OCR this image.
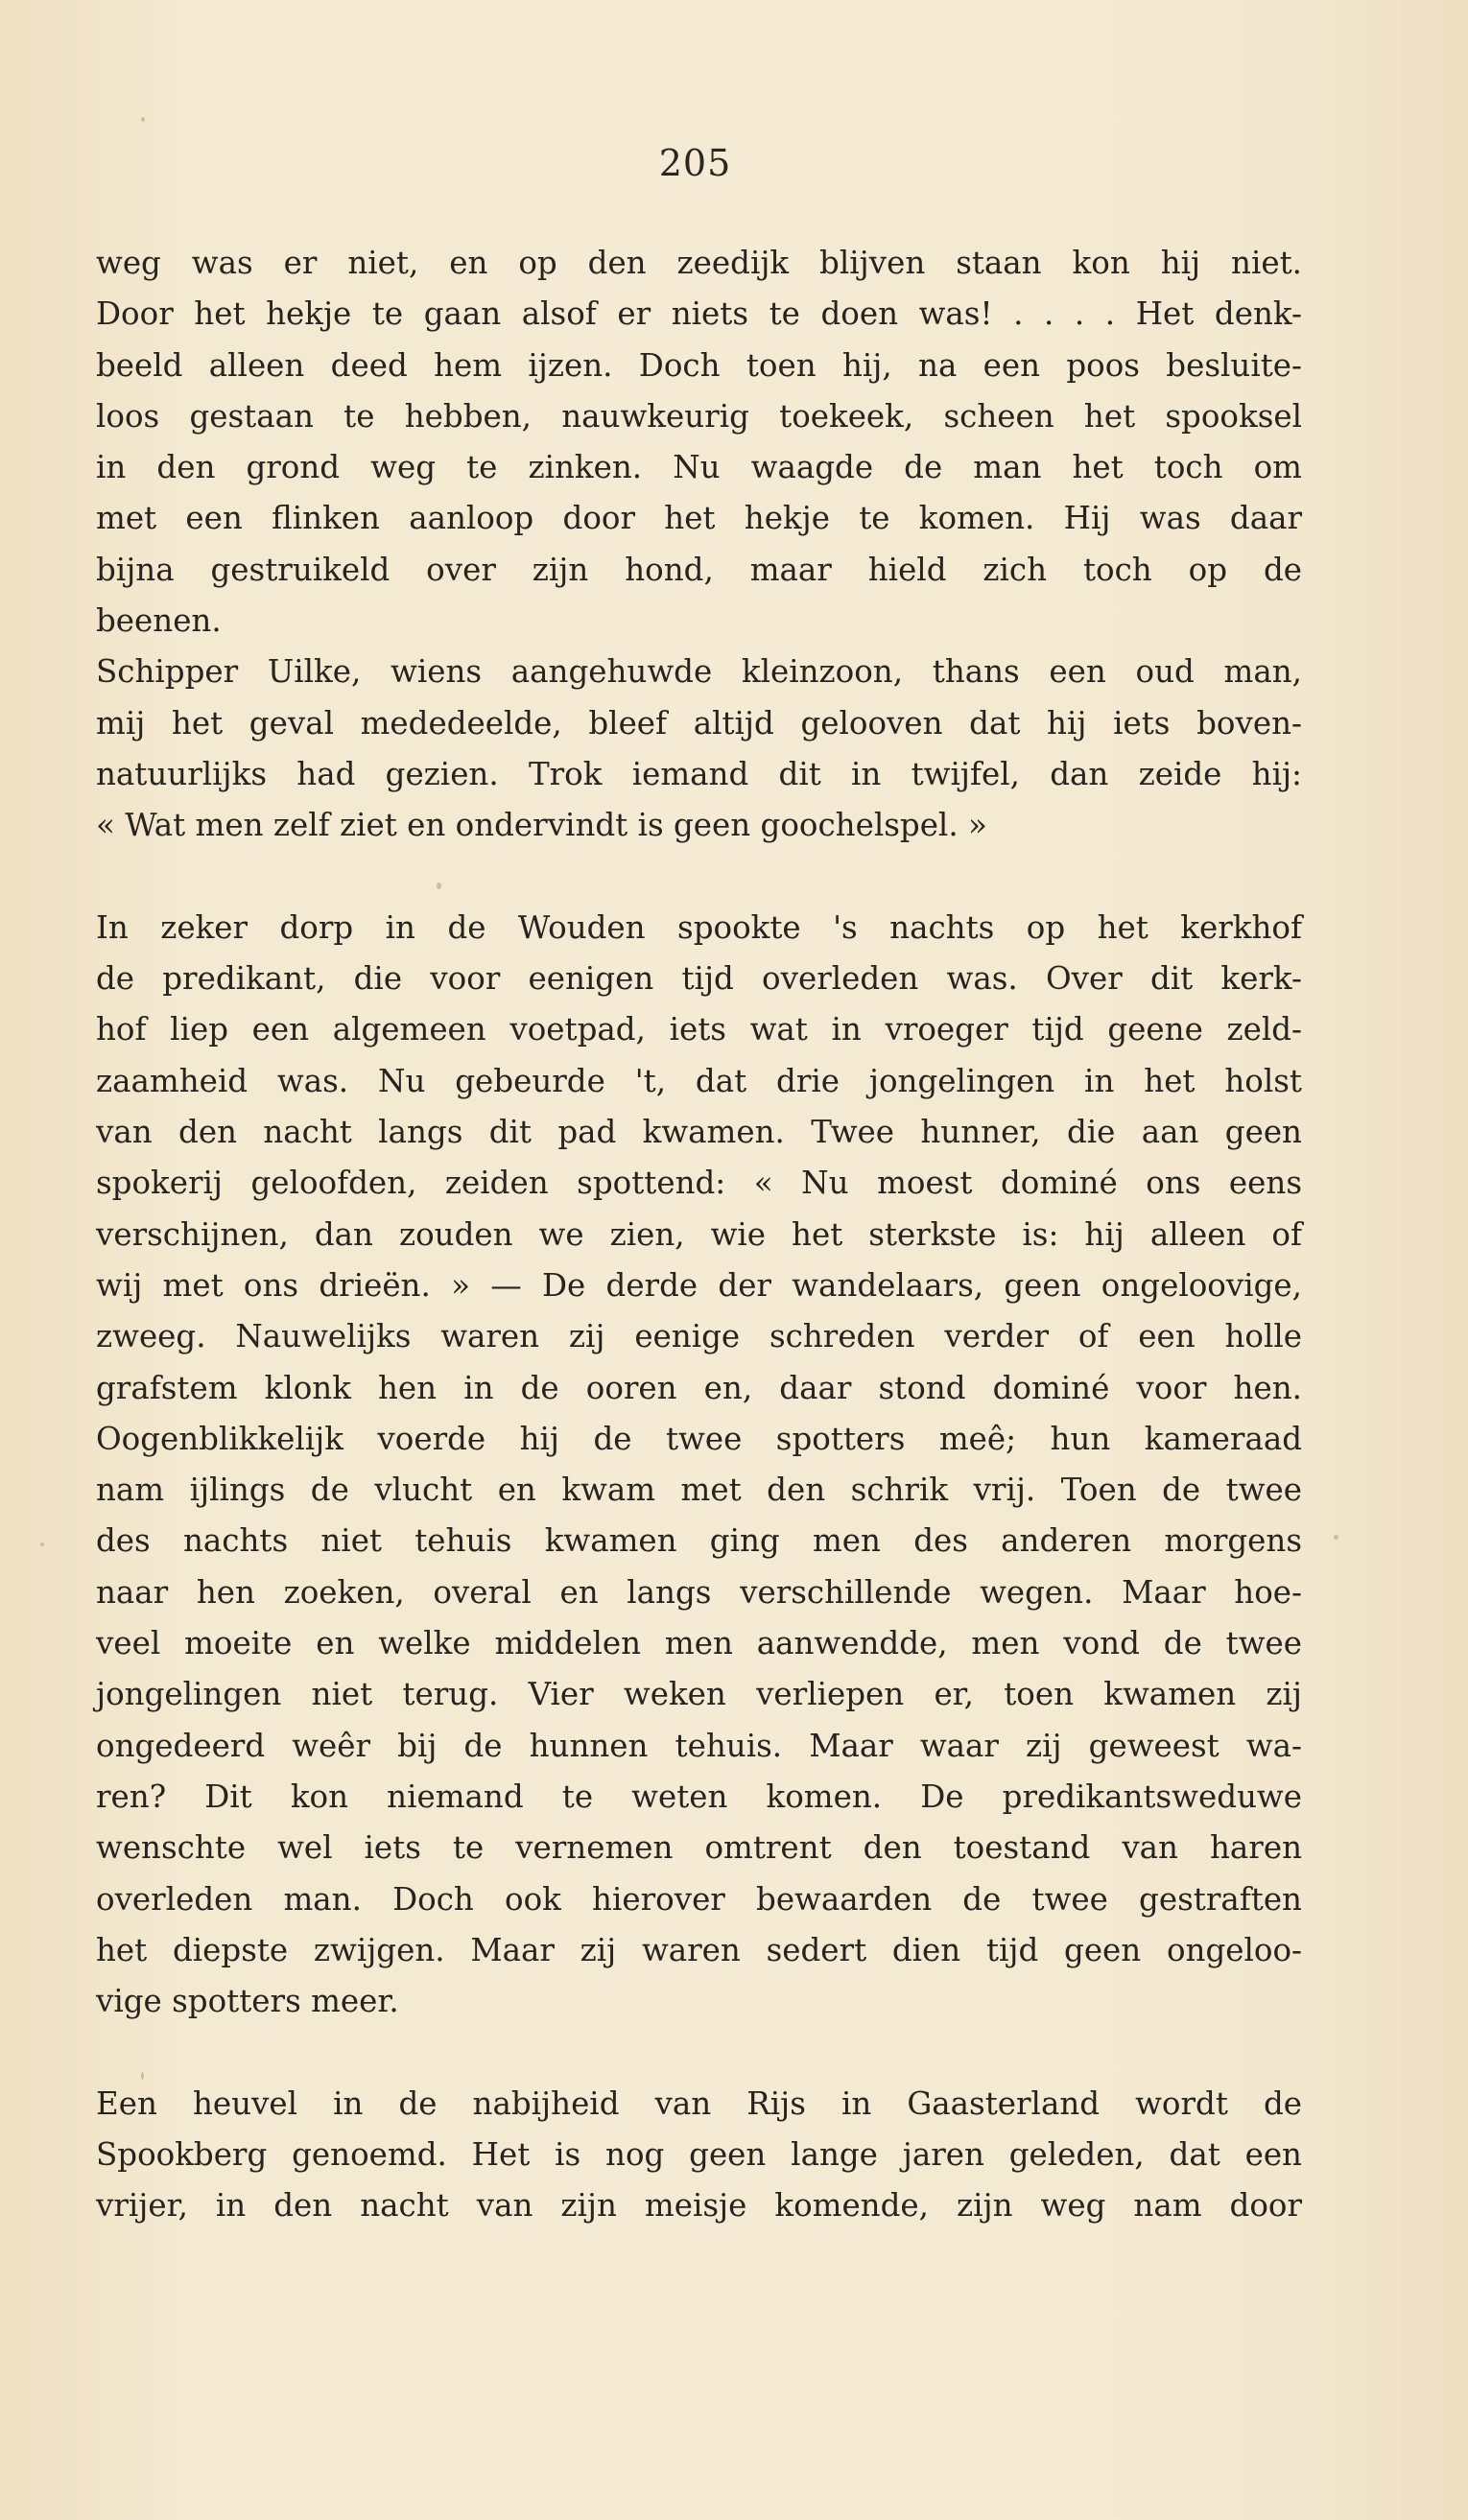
205
weg was er niet, en op den zeedijk blijven staan kon hij niet.
Door het hekje te gaan alsof er niets te doen was! . . . . Het denk-
beeld alleen deed hem ijzen. Doch toen hij, na een poos besluite-
loos gestaan te hebben, nauwkeurig toekeek, scheen het spooksel
in den grond weg te zinken. Nu waagde de man het toch om
met een flinken aanloop door het hekje te komen. Hij was daar
bijna gestruikeld over zijn hond, maar hield zich toch op de
beenen.
Schipper Uilke, wiens aangehuwde kleinzoon, thans een oud man,
mij het geval mededeelde, bleef altijd gelooven dat hij iets boven-
natuurlijks had gezien. Trok iemand dit in twijfel, dan zeide hij:
« Wat men zelf ziet en ondervindt is geen goochelspel. »
In zeker dorp in de Wouden spookte 's nachts op het kerkhof
de predikant, die voor eenigen tijd overleden was. Over dit kerk-
hof liep een algemeen voetpad, iets wat in vroeger tijd geene zeld-
zaamheid was. Nu gebeurde 't, dat drie jongelingen in het holst
van den nacht langs dit pad kwamen. Twee hunner, die aan geen
spokerij geloofden, zeiden spottend: « Nu moest dominé ons eens
verschijnen, dan zouden we zien, wie het sterkste is: hij alleen of
wij met ons drieën. » — De derde der wandelaars, geen ongeloovige,
zweeg. Nauwelijks waren zij eenige schreden verder of een holle
grafstem klonk hen in de ooren en, daar stond dominé voor hen.
Oogenblikkelijk voerde hij de twee spotters meê; hun kameraad
nam ijlings de vlucht en kwam met den schrik vrij. Toen de twee
des nachts niet tehuis kwamen ging men des anderen morgens
naar hen zoeken, overal en langs verschillende wegen. Maar hoe-
veel moeite en welke middelen men aanwendde, men vond de twee
jongelingen niet terug. Vier weken verliepen er, toen kwamen zij
ongedeerd weêr bij de hunnen tehuis. Maar waar zij geweest wa-
ren? Dit kon niemand te weten komen. De predikantsweduwe
wenschte wel iets te vernemen omtrent den toestand van haren
overleden man. Doch ook hierover bewaarden de twee gestraften
het diepste zwijgen. Maar zij waren sedert dien tijd geen ongeloo-
vige spotters meer.
Een heuvel in de nabijheid van Rijs in Gaasterland wordt de
Spookberg genoemd. Het is nog geen lange jaren geleden, dat een
vrijer, in den nacht van zijn meisje komende, zijn weg nam door
